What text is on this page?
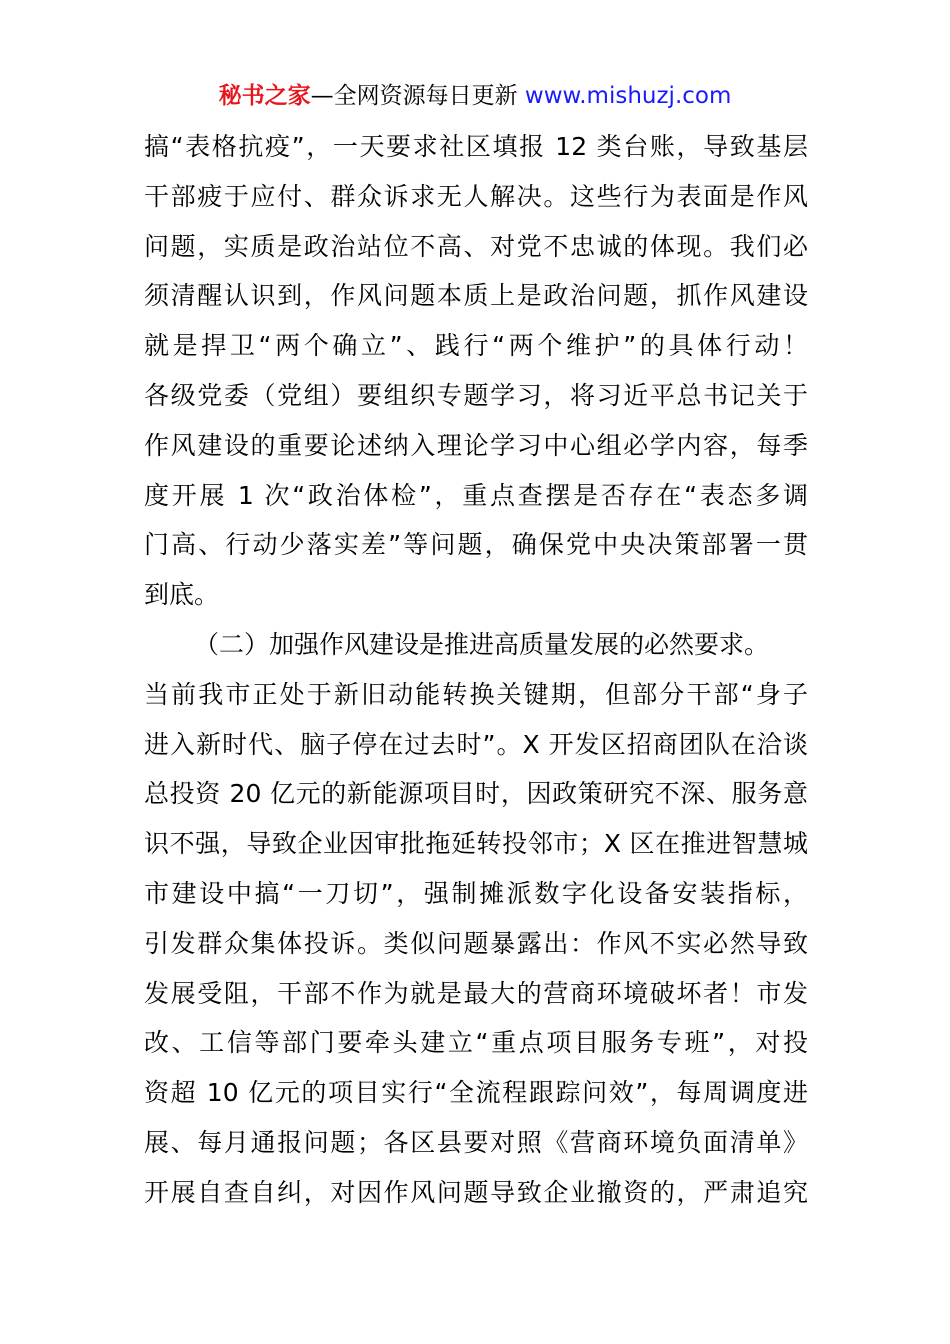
秘书之家—全网资源每日更新 www.mishuzj.com
搞“表格抗疫”，一天要求社区填报 12 类台账，导致基层
干部疲于应付、群众诉求无人解决。这些行为表面是作风
问题，实质是政治站位不高、对党不忠诚的体现。我们必
须清醒认识到，作风问题本质上是政治问题，抓作风建设
就是捍卫“两个确立”、践行“两个维护”的具体行动！
各级党委（党组）要组织专题学习，将习近平总书记关于
作风建设的重要论述纳入理论学习中心组必学内容，每季
度开展 1 次“政治体检”，重点查摆是否存在“表态多调
门高、行动少落实差”等问题，确保党中央决策部署一贯
到底。
（二）加强作风建设是推进高质量发展的必然要求。
当前我市正处于新旧动能转换关键期，但部分干部“身子
进入新时代、脑子停在过去时”。X 开发区招商团队在洽谈
总投资 20 亿元的新能源项目时，因政策研究不深、服务意
识不强，导致企业因审批拖延转投邻市；X 区在推进智慧城
市建设中搞“一刀切”，强制摊派数字化设备安装指标，
引发群众集体投诉。类似问题暴露出：作风不实必然导致
发展受阻，干部不作为就是最大的营商环境破坏者！市发
改、工信等部门要牵头建立“重点项目服务专班”，对投
资超 10 亿元的项目实行“全流程跟踪问效”，每周调度进
展、每月通报问题；各区县要对照《营商环境负面清单》
开展自查自纠，对因作风问题导致企业撤资的，严肃追究
